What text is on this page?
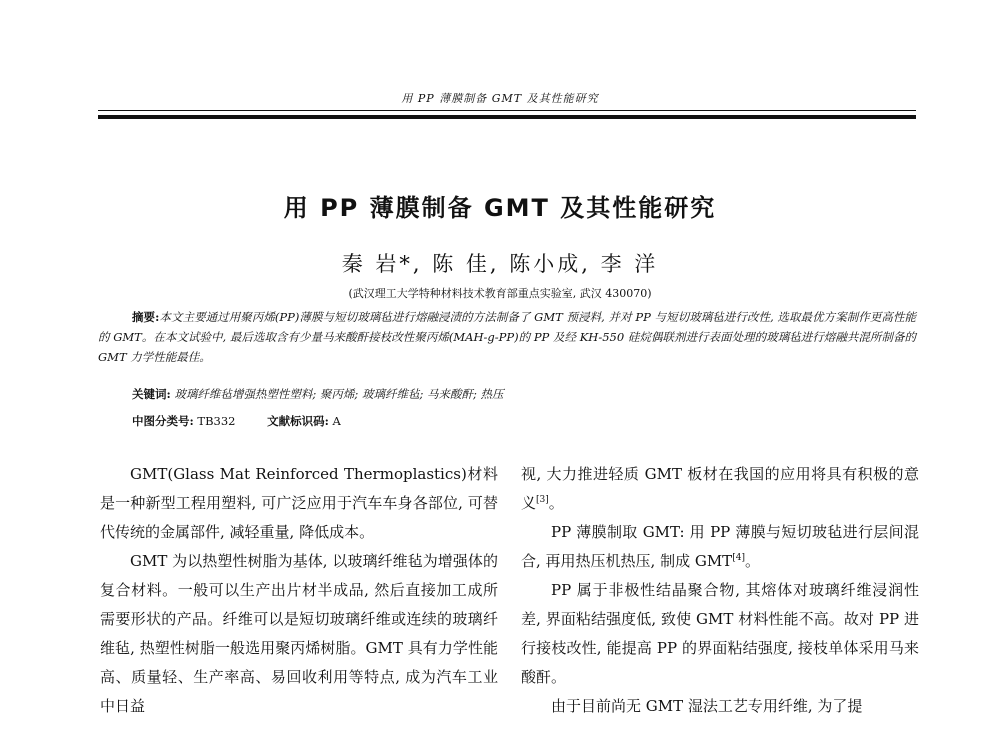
用 PP 薄膜制备 GMT 及其性能研究
用 PP 薄膜制备 GMT 及其性能研究
秦 岩*, 陈 佳, 陈小成, 李 洋
(武汉理工大学特种材料技术教育部重点实验室, 武汉 430070)
摘要:本文主要通过用聚丙烯(PP)薄膜与短切玻璃毡进行熔融浸渍的方法制备了 GMT 预浸料, 并对 PP 与短切玻璃毡进行改性, 选取最优方案制作更高性能的 GMT。在本文试验中, 最后选取含有少量马来酸酐接枝改性聚丙烯(MAH-g-PP)的 PP 及经 KH-550 硅烷偶联剂进行表面处理的玻璃毡进行熔融共混所制备的 GMT 力学性能最佳。
关键词: 玻璃纤维毡增强热塑性塑料; 聚丙烯; 玻璃纤维毡; 马来酸酐; 热压
中图分类号: TB332	文献标识码: A

GMT(Glass Mat Reinforced Thermoplastics)材料是一种新型工程用塑料, 可广泛应用于汽车车身各部位, 可替代传统的金属部件, 减轻重量, 降低成本。

GMT 为以热塑性树脂为基体, 以玻璃纤维毡为增强体的复合材料。一般可以生产出片材半成品, 然后直接加工成所需要形状的产品。纤维可以是短切玻璃纤维或连续的玻璃纤维毡, 热塑性树脂一般选用聚丙烯树脂。GMT 具有力学性能高、质量轻、生产率高、易回收利用等特点, 成为汽车工业中日益

视, 大力推进轻质 GMT 板材在我国的应用将具有积极的意义[3]。

PP 薄膜制取 GMT: 用 PP 薄膜与短切玻毡进行层间混合, 再用热压机热压, 制成 GMT[4]。

PP 属于非极性结晶聚合物, 其熔体对玻璃纤维浸润性差, 界面粘结强度低, 致使 GMT 材料性能不高。故对 PP 进行接枝改性, 能提高 PP 的界面粘结强度, 接枝单体采用马来酸酐。

由于目前尚无 GMT 湿法工艺专用纤维, 为了提
